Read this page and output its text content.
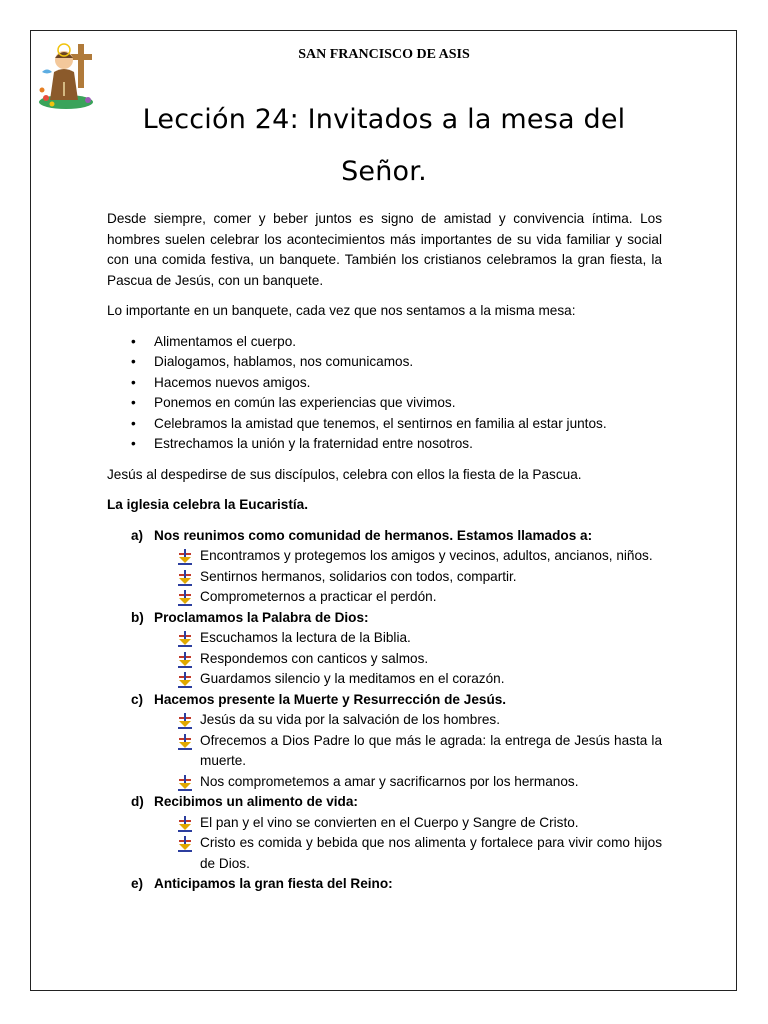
SAN FRANCISCO DE ASIS
Lección 24: Invitados a la mesa del
Señor.

Desde siempre, comer y beber juntos es signo de amistad y convivencia íntima. Los hombres suelen celebrar los acontecimientos más importantes de su vida familiar y social con una comida festiva, un banquete. También los cristianos celebramos la gran fiesta, la Pascua de Jesús, con un banquete.

Lo importante en un banquete, cada vez que nos sentamos a la misma mesa:

• Alimentamos el cuerpo.
• Dialogamos, hablamos, nos comunicamos.
• Hacemos nuevos amigos.
• Ponemos en común las experiencias que vivimos.
• Celebramos la amistad que tenemos, el sentirnos en familia al estar juntos.
• Estrechamos la unión y la fraternidad entre nosotros.

Jesús al despedirse de sus discípulos, celebra con ellos la fiesta de la Pascua.

La iglesia celebra la Eucaristía.

a) Nos reunimos como comunidad de hermanos. Estamos llamados a:
Encontramos y protegemos los amigos y vecinos, adultos, ancianos, niños.
Sentirnos hermanos, solidarios con todos, compartir.
Comprometernos a practicar el perdón.
b) Proclamamos la Palabra de Dios:
Escuchamos la lectura de la Biblia.
Respondemos con canticos y salmos.
Guardamos silencio y la meditamos en el corazón.
c) Hacemos presente la Muerte y Resurrección de Jesús.
Jesús da su vida por la salvación de los hombres.
Ofrecemos a Dios Padre lo que más le agrada: la entrega de Jesús hasta la muerte.
Nos comprometemos a amar y sacrificarnos por los hermanos.
d) Recibimos un alimento de vida:
El pan y el vino se convierten en el Cuerpo y Sangre de Cristo.
Cristo es comida y bebida que nos alimenta y fortalece para vivir como hijos de Dios.
e) Anticipamos la gran fiesta del Reino:
